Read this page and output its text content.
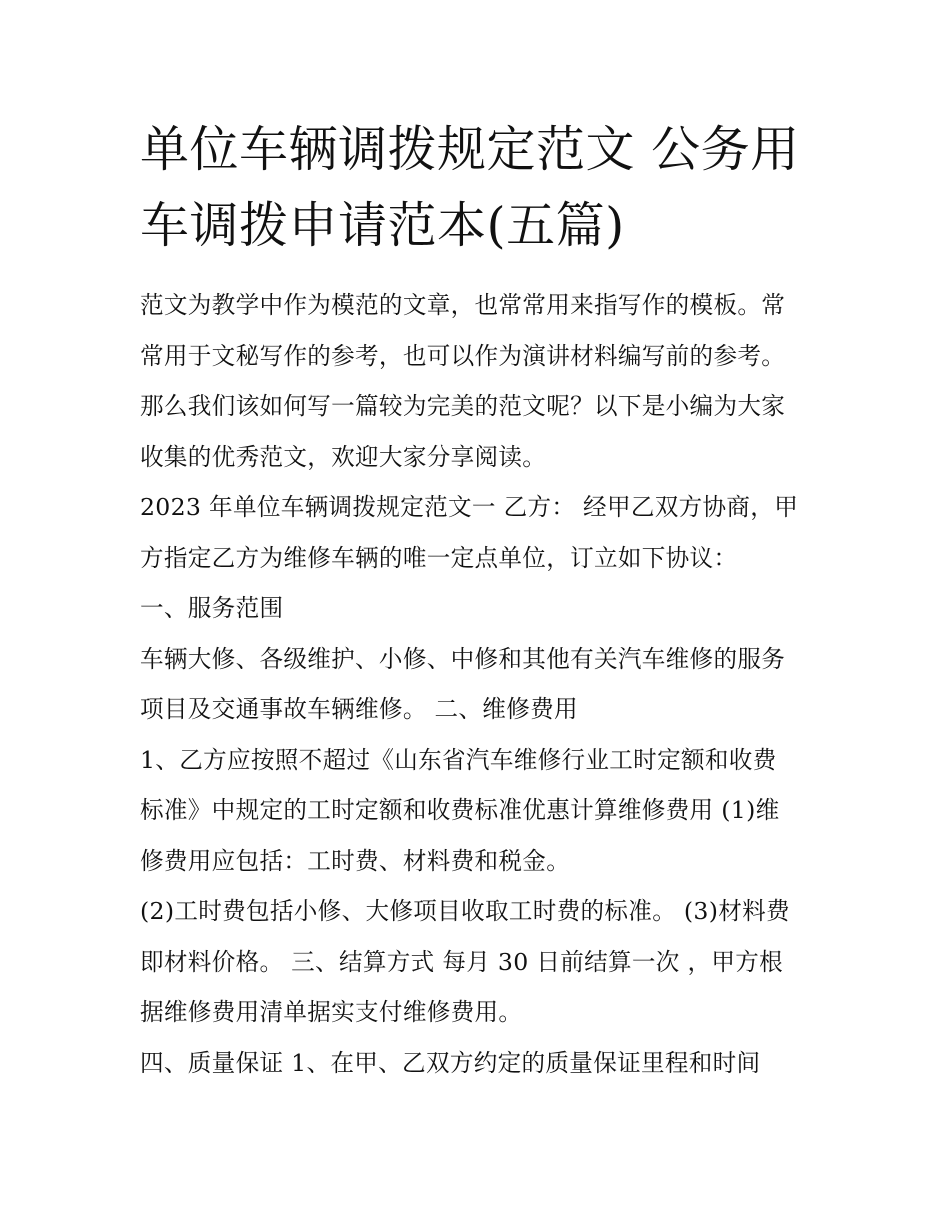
单位车辆调拨规定范文 公务用
车调拨申请范本(五篇)

范文为教学中作为模范的文章，也常常用来指写作的模板。常
常用于文秘写作的参考，也可以作为演讲材料编写前的参考。
那么我们该如何写一篇较为完美的范文呢？以下是小编为大家
收集的优秀范文，欢迎大家分享阅读。

2023 年单位车辆调拨规定范文一 乙方： 经甲乙双方协商，甲
方指定乙方为维修车辆的唯一定点单位，订立如下协议：

一、服务范围

车辆大修、各级维护、小修、中修和其他有关汽车维修的服务
项目及交通事故车辆维修。 二、维修费用

1、乙方应按照不超过《山东省汽车维修行业工时定额和收费
标准》中规定的工时定额和收费标准优惠计算维修费用 (1)维
修费用应包括：工时费、材料费和税金。

(2)工时费包括小修、大修项目收取工时费的标准。 (3)材料费
即材料价格。 三、结算方式 每月 30 日前结算一次 ，甲方根
据维修费用清单据实支付维修费用。

四、质量保证 1、在甲、乙双方约定的质量保证里程和时间
